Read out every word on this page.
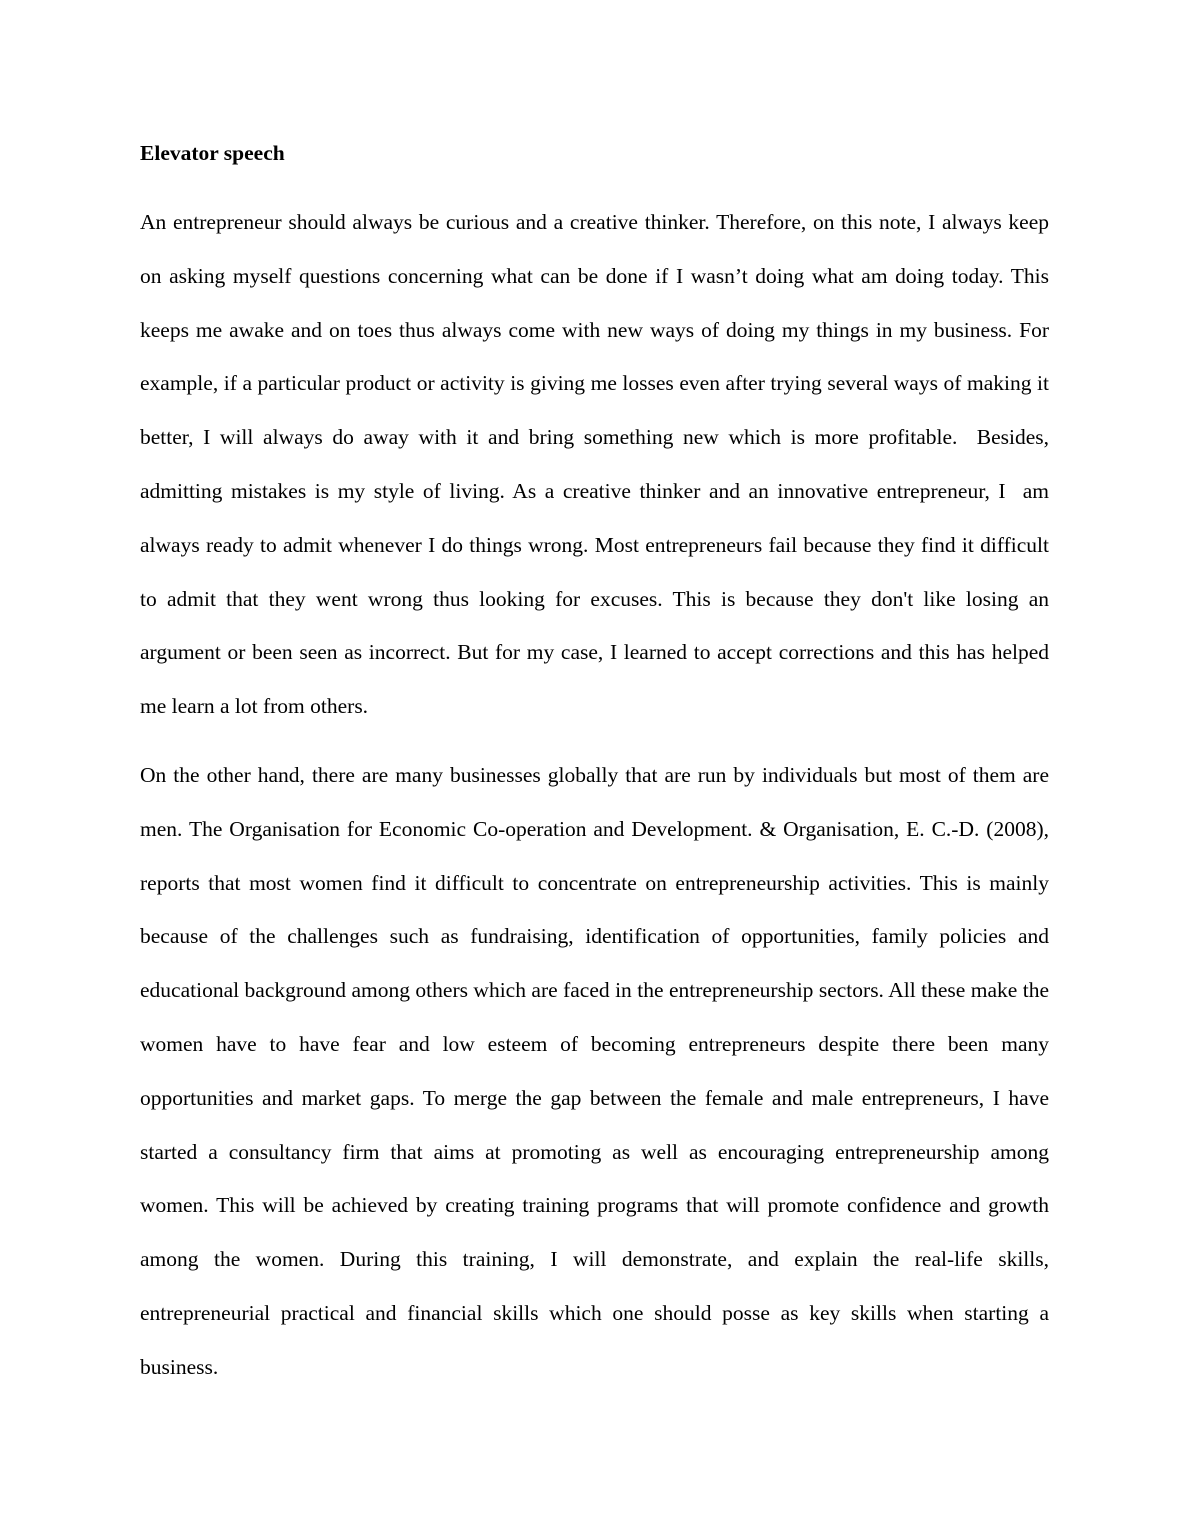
Elevator speech

An entrepreneur should always be curious and a creative thinker. Therefore, on this note, I always keep on asking myself questions concerning what can be done if I wasn’t doing what am doing today. This keeps me awake and on toes thus always come with new ways of doing my things in my business. For example, if a particular product or activity is giving me losses even after trying several ways of making it better, I will always do away with it and bring something new which is more profitable.  Besides, admitting mistakes is my style of living. As a creative thinker and an innovative entrepreneur, I  am always ready to admit whenever I do things wrong. Most entrepreneurs fail because they find it difficult to admit that they went wrong thus looking for excuses. This is because they don't like losing an argument or been seen as incorrect. But for my case, I learned to accept corrections and this has helped me learn a lot from others.

On the other hand, there are many businesses globally that are run by individuals but most of them are men. The Organisation for Economic Co-operation and Development. & Organisation, E. C.-D. (2008), reports that most women find it difficult to concentrate on entrepreneurship activities. This is mainly because of the challenges such as fundraising, identification of opportunities, family policies and educational background among others which are faced in the entrepreneurship sectors. All these make the women have to have fear and low esteem of becoming entrepreneurs despite there been many opportunities and market gaps. To merge the gap between the female and male entrepreneurs, I have started a consultancy firm that aims at promoting as well as encouraging entrepreneurship among women. This will be achieved by creating training programs that will promote confidence and growth among the women. During this training, I will demonstrate, and explain the real-life skills, entrepreneurial practical and financial skills which one should posse as key skills when starting a business.
